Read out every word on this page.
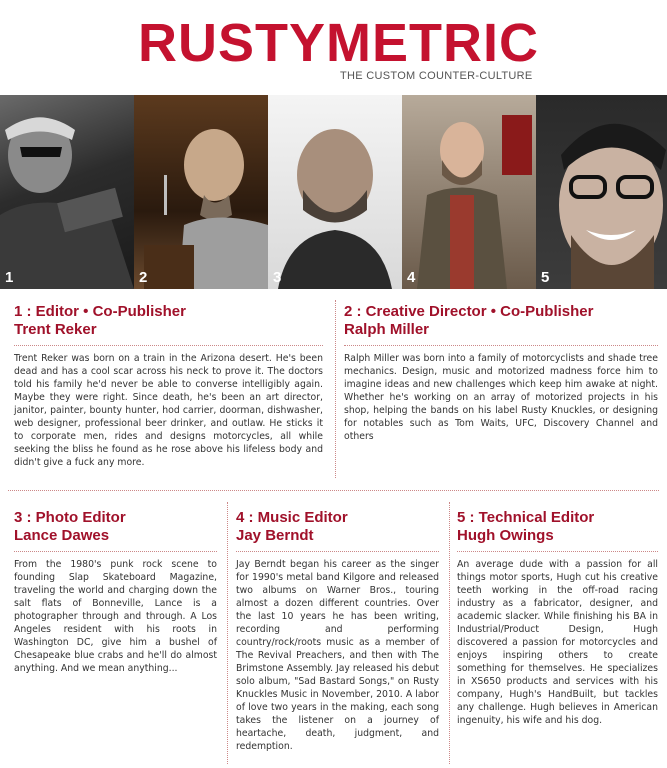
RUSTYMETRIC
THE CUSTOM COUNTER-CULTURE
1	2	3	4	5
1 : Editor • Co-Publisher
Trent Reker
Trent Reker was born on a train in the Arizona desert. He's been dead and has a cool scar across his neck to prove it. The doctors told his family he'd never be able to converse intelligibly again. Maybe they were right. Since death, he's been an art director, janitor, painter, bounty hunter, hod carrier, doorman, dishwasher, web designer, professional beer drinker, and outlaw. He sticks it to corporate men, rides and designs motorcycles, all while seeking the bliss he found as he rose above his lifeless body and didn't give a fuck any more.
2 : Creative Director • Co-Publisher
Ralph Miller
Ralph Miller was born into a family of motorcyclists and shade tree mechanics. Design, music and motorized madness force him to imagine ideas and new challenges which keep him awake at night. Whether he's working on an array of motorized projects in his shop, helping the bands on his label Rusty Knuckles, or designing for notables such as Tom Waits, UFC, Discovery Channel and others
3 : Photo Editor
Lance Dawes
From the 1980's punk rock scene to founding Slap Skateboard Magazine, traveling the world and charging down the salt flats of Bonneville, Lance is a photographer through and through. A Los Angeles resident with his roots in Washington DC, give him a bushel of Chesapeake blue crabs and he'll do almost anything. And we mean anything...
4 : Music Editor
Jay Berndt
Jay Berndt began his career as the singer for 1990's metal band Kilgore and released two albums on Warner Bros., touring almost a dozen different countries. Over the last 10 years he has been writing, recording and performing country/rock/roots music as a member of The Revival Preachers, and then with The Brimstone Assembly. Jay released his debut solo album, "Sad Bastard Songs," on Rusty Knuckles Music in November, 2010. A labor of love two years in the making, each song takes the listener on a journey of heartache, death, judgment, and redemption.
5 : Technical Editor
Hugh Owings
An average dude with a passion for all things motor sports, Hugh cut his creative teeth working in the off-road racing industry as a fabricator, designer, and academic slacker. While finishing his BA in Industrial/Product Design, Hugh discovered a passion for motorcycles and enjoys inspiring others to create something for themselves. He specializes in XS650 products and services with his company, Hugh's HandBuilt, but tackles any challenge. Hugh believes in American ingenuity, his wife and his dog.
